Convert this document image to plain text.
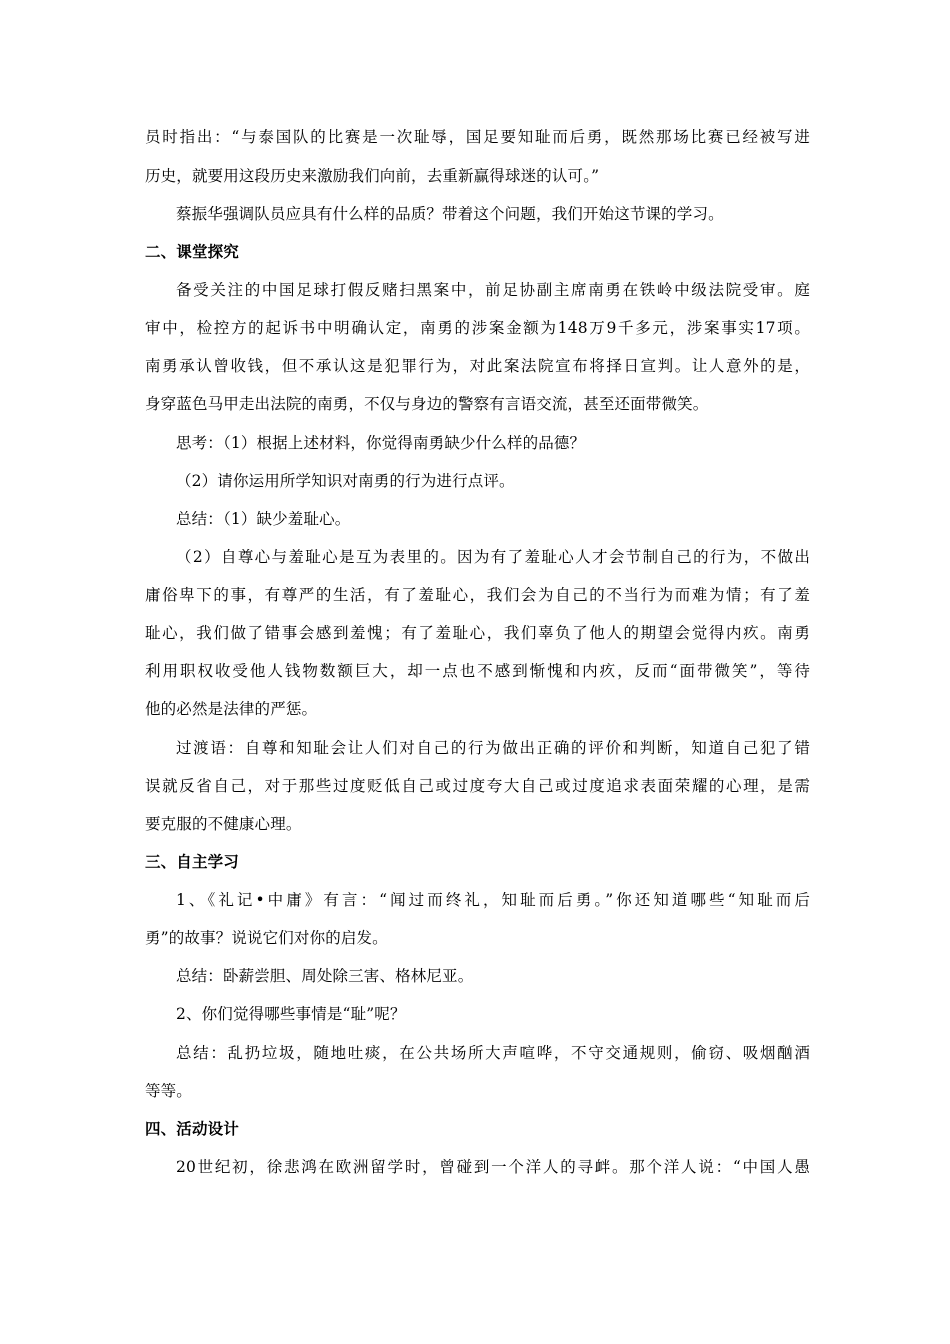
员时指出：“与泰国队的比赛是一次耻辱，国足要知耻而后勇，既然那场比赛已经被写进
历史，就要用这段历史来激励我们向前，去重新赢得球迷的认可。”
蔡振华强调队员应具有什么样的品质？带着这个问题，我们开始这节课的学习。
二、课堂探究
备受关注的中国足球打假反赌扫黑案中，前足协副主席南勇在铁岭中级法院受审。庭
审中，检控方的起诉书中明确认定，南勇的涉案金额为148万9千多元，涉案事实17项。
南勇承认曾收钱，但不承认这是犯罪行为，对此案法院宣布将择日宣判。让人意外的是，
身穿蓝色马甲走出法院的南勇，不仅与身边的警察有言语交流，甚至还面带微笑。
思考：（1）根据上述材料，你觉得南勇缺少什么样的品德？
（2）请你运用所学知识对南勇的行为进行点评。
总结：（1）缺少羞耻心。
（2）自尊心与羞耻心是互为表里的。因为有了羞耻心人才会节制自己的行为，不做出
庸俗卑下的事，有尊严的生活，有了羞耻心，我们会为自己的不当行为而难为情；有了羞
耻心，我们做了错事会感到羞愧；有了羞耻心，我们辜负了他人的期望会觉得内疚。南勇
利用职权收受他人钱物数额巨大，却一点也不感到惭愧和内疚，反而“面带微笑”，等待
他的必然是法律的严惩。
过渡语：自尊和知耻会让人们对自己的行为做出正确的评价和判断，知道自己犯了错
误就反省自己，对于那些过度贬低自己或过度夸大自己或过度追求表面荣耀的心理，是需
要克服的不健康心理。
三、自主学习
1、《礼记•中庸》有言：“闻过而终礼，知耻而后勇。”你还知道哪些“知耻而后
勇”的故事？说说它们对你的启发。
总结：卧薪尝胆、周处除三害、格林尼亚。
2、你们觉得哪些事情是“耻”呢？
总结：乱扔垃圾，随地吐痰，在公共场所大声喧哗，不守交通规则，偷窃、吸烟酗酒
等等。
四、活动设计
20世纪初，徐悲鸿在欧洲留学时，曾碰到一个洋人的寻衅。那个洋人说：“中国人愚
